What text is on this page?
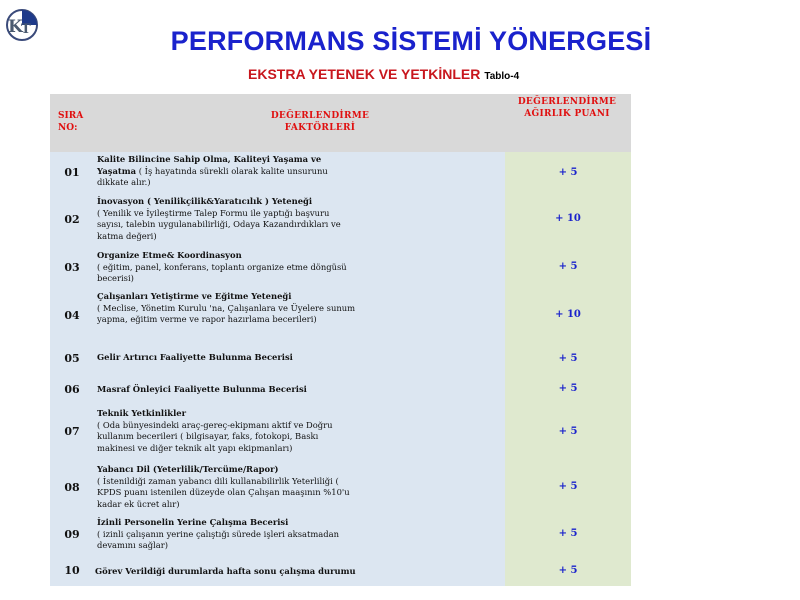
K
T	PERFORMANS SİSTEMİ YÖNERGESİ
EKSTRA YETENEK VE YETKİNLER Tablo-4
SIRA NO:
DEĞERLENDİRME FAKTÖRLERİ
DEĞERLENDİRME AĞIRLIK PUANI
01
Kalite Bilincine Sahip Olma, Kaliteyi Yaşama ve Yaşatma ( İş hayatında sürekli olarak kalite unsurunu dikkate alır.)
+ 5
02
İnovasyon ( Yenilikçilik&Yaratıcılık ) Yeteneği
( Yenilik ve İyileştirme Talep Formu ile yaptığı başvuru sayısı, talebin uygulanabilirliği, Odaya Kazandırdıkları ve katma değeri)
+ 10
03
Organize Etme& Koordinasyon
( eğitim, panel, konferans, toplantı organize etme döngüsü becerisi)
+ 5
04
Çalışanları Yetiştirme ve Eğitme Yeteneği
( Meclise, Yönetim Kurulu 'na, Çalışanlara ve Üyelere sunum yapma, eğitim verme ve rapor hazırlama becerileri)	+ 10
05 Gelir Artırıcı Faaliyette Bulunma Becerisi	+ 5
06 Masraf Önleyici Faaliyette Bulunma Becerisi	+ 5
07
Teknik Yetkinlikler
( Oda bünyesindeki araç-gereç-ekipmanı aktif ve Doğru kullanım becerileri ( bilgisayar, faks, fotokopi, Baskı makinesi ve diğer teknik alt yapı ekipmanları)
+ 5
08
Yabancı Dil (Yeterlilik/Tercüme/Rapor)
( İstenildiği zaman yabancı dili kullanabilirlik Yeterliliği ( KPDS puanı istenilen düzeyde olan Çalışan maaşının %10'u kadar ek ücret alır)
+ 5
09
İzinli Personelin Yerine Çalışma Becerisi
( izinli çalışanın yerine çalıştığı sürede işleri aksatmadan devamını sağlar)
+ 5
10 Görev Verildiği durumlarda hafta sonu çalışma durumu	+ 5
